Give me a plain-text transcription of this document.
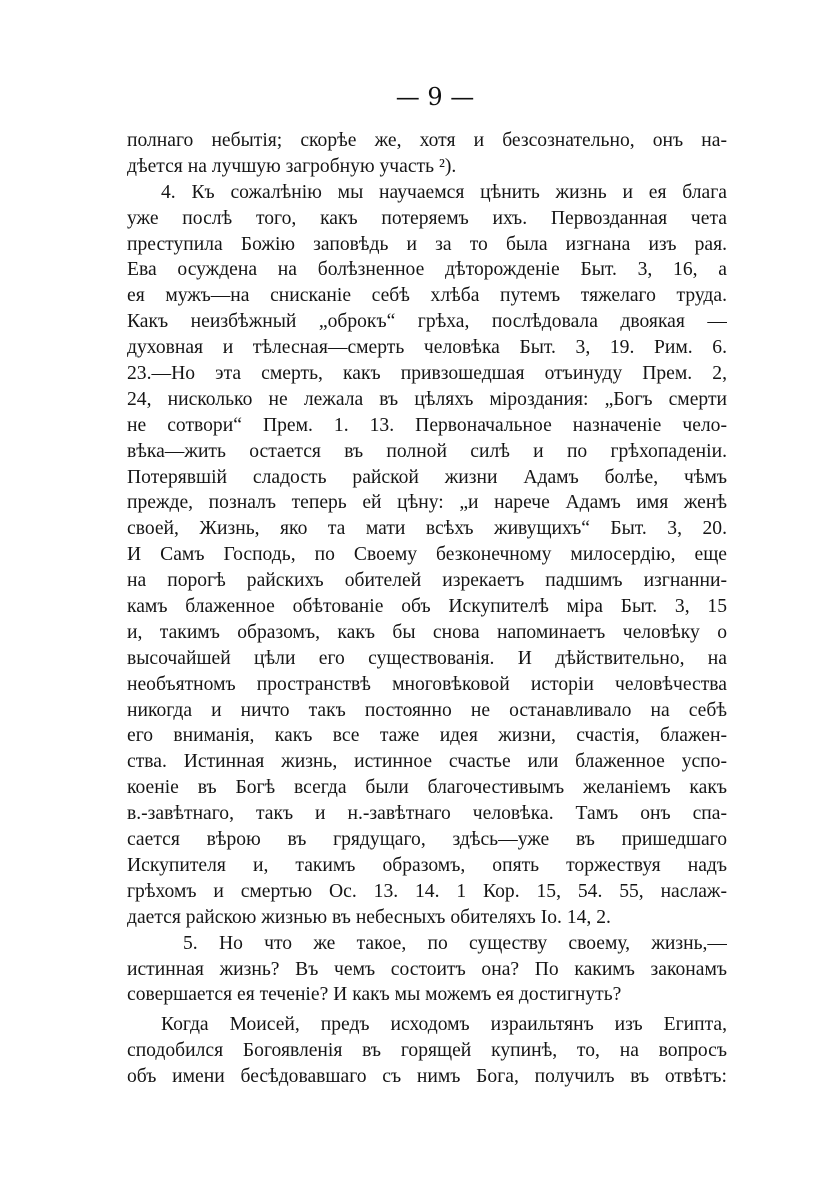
— 9 —
полнаго небытія; скорѣе же, хотя и безсознательно, онъ на-
дѣется на лучшую загробную участь ²).
4. Къ сожалѣнію мы научаемся цѣнить жизнь и ея блага
уже послѣ того, какъ потеряемъ ихъ. Первозданная чета
преступила Божію заповѣдь и за то была изгнана изъ рая.
Ева осуждена на болѣзненное дѣторожденіе Быт. 3, 16, а
ея мужъ—на снисканіе себѣ хлѣба путемъ тяжелаго труда.
Какъ неизбѣжный „оброкъ“ грѣха, послѣдовала двоякая —
духовная и тѣлесная—смерть человѣка Быт. 3, 19. Рим. 6.
23.—Но эта смерть, какъ привзошедшая отъинуду Прем. 2,
24, нисколько не лежала въ цѣляхъ міроздания: „Богъ смерти
не сотвори“ Прем. 1. 13. Первоначальное назначеніе чело-
вѣка—жить остается въ полной силѣ и по грѣхопаденіи.
Потерявшій сладость райской жизни Адамъ болѣе, чѣмъ
прежде, позналъ теперь ей цѣну: „и нарече Адамъ имя женѣ
своей, Жизнь, яко та мати всѣхъ живущихъ“ Быт. 3, 20.
И Самъ Господь, по Своему безконечному милосердію, еще
на порогѣ райскихъ обителей изрекаетъ падшимъ изгнанни-
камъ блаженное обѣтованіе объ Искупителѣ міра Быт. 3, 15
и, такимъ образомъ, какъ бы снова напоминаетъ человѣку о
высочайшей цѣли его существованія. И дѣйствительно, на
необъятномъ пространствѣ многовѣковой исторіи человѣчества
никогда и ничто такъ постоянно не останавливало на себѣ
его вниманія, какъ все таже идея жизни, счастія, блажен-
ства. Истинная жизнь, истинное счастье или блаженное успо-
коеніе въ Богѣ всегда были благочестивымъ желаніемъ какъ
в.-завѣтнаго, такъ и н.-завѣтнаго человѣка. Тамъ онъ спа-
сается вѣрою въ грядущаго, здѣсь—уже въ пришедшаго
Искупителя и, такимъ образомъ, опять торжествуя надъ
грѣхомъ и смертью Ос. 13. 14. 1 Кор. 15, 54. 55, наслаж-
дается райскою жизнью въ небесныхъ обителяхъ Іо. 14, 2.
5. Но что же такое, по существу своему, жизнь,—
истинная жизнь? Въ чемъ состоитъ она? По какимъ законамъ
совершается ея теченіе? И какъ мы можемъ ея достигнуть?
Когда Моисей, предъ исходомъ израильтянъ изъ Египта,
сподобился Богоявленія въ горящей купинѣ, то, на вопросъ
объ имени бесѣдовавшаго съ нимъ Бога, получилъ въ отвѣтъ:
